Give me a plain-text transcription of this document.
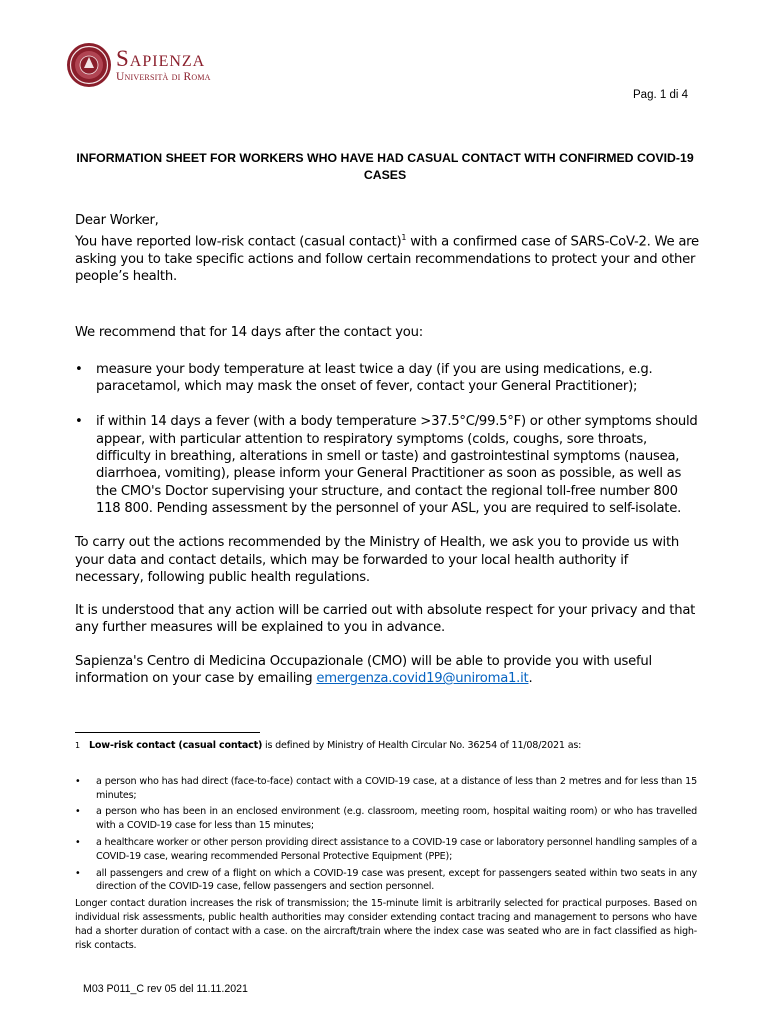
Sapienza
Università di Roma
Pag. 1 di 4
INFORMATION SHEET FOR WORKERS WHO HAVE HAD CASUAL CONTACT WITH CONFIRMED COVID-19 CASES

Dear Worker,

You have reported low-risk contact (casual contact)$^1$ with a confirmed case of SARS-CoV-2. We are asking you to take specific actions and follow certain recommendations to protect your and other people’s health.

We recommend that for 14 days after the contact you:

• measure your body temperature at least twice a day (if you are using medications, e.g. paracetamol, which may mask the onset of fever, contact your General Practitioner);
• if within 14 days a fever (with a body temperature >37.5°C/99.5°F) or other symptoms should appear, with particular attention to respiratory symptoms (colds, coughs, sore throats, difficulty in breathing, alterations in smell or taste) and gastrointestinal symptoms (nausea, diarrhoea, vomiting), please inform your General Practitioner as soon as possible, as well as the CMO's Doctor supervising your structure, and contact the regional toll-free number 800 118 800. Pending assessment by the personnel of your ASL, you are required to self-isolate.

To carry out the actions recommended by the Ministry of Health, we ask you to provide us with your data and contact details, which may be forwarded to your local health authority if necessary, following public health regulations.

It is understood that any action will be carried out with absolute respect for your privacy and that any further measures will be explained to you in advance.

Sapienza's Centro di Medicina Occupazionale (CMO) will be able to provide you with useful information on your case by emailing emergenza.covid19@uniroma1.it.

1 Low-risk contact (casual contact) is defined by Ministry of Health Circular No. 36254 of 11/08/2021 as:
• a person who has had direct (face-to-face) contact with a COVID-19 case, at a distance of less than 2 metres and for less than 15 minutes;
• a person who has been in an enclosed environment (e.g. classroom, meeting room, hospital waiting room) or who has travelled with a COVID-19 case for less than 15 minutes;
• a healthcare worker or other person providing direct assistance to a COVID-19 case or laboratory personnel handling samples of a COVID-19 case, wearing recommended Personal Protective Equipment (PPE);
• all passengers and crew of a flight on which a COVID-19 case was present, except for passengers seated within two seats in any direction of the COVID-19 case, fellow passengers and section personnel.

Longer contact duration increases the risk of transmission; the 15-minute limit is arbitrarily selected for practical purposes. Based on individual risk assessments, public health authorities may consider extending contact tracing and management to persons who have had a shorter duration of contact with a case. on the aircraft/train where the index case was seated who are in fact classified as high-risk contacts.

M03 P011_C rev 05 del 11.11.2021
